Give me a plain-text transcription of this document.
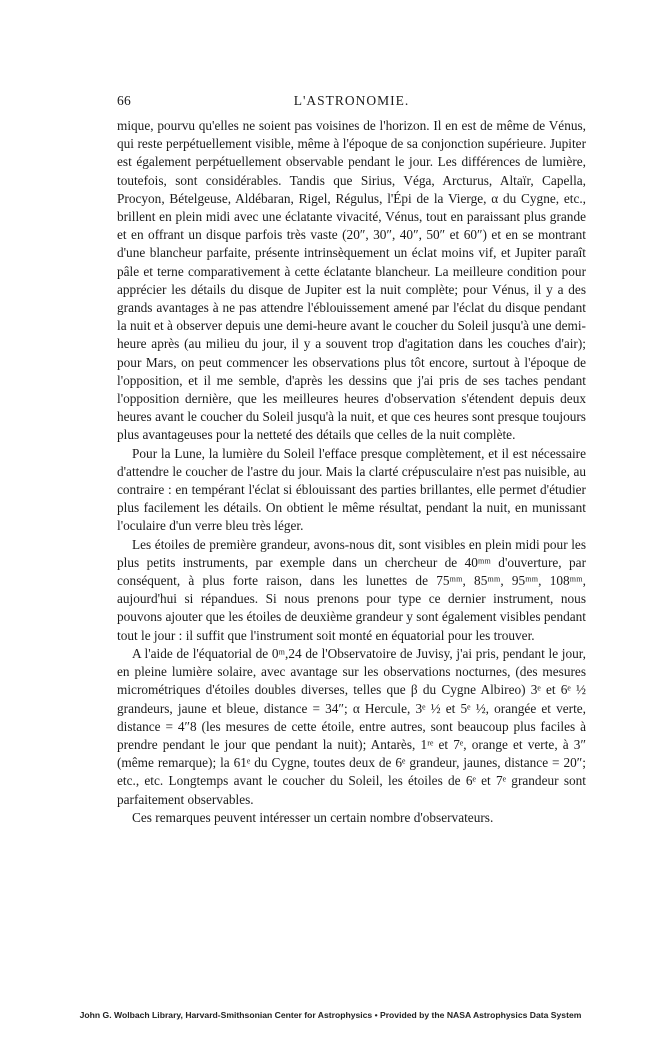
66	L'ASTRONOMIE.

mique, pourvu qu'elles ne soient pas voisines de l'horizon. Il en est de même de Vénus, qui reste perpétuellement visible, même à l'époque de sa conjonction supérieure. Jupiter est également perpétuellement observable pendant le jour. Les différences de lumière, toutefois, sont considérables. Tandis que Sirius, Véga, Arcturus, Altaïr, Capella, Procyon, Bételgeuse, Aldébaran, Rigel, Régulus, l'Épi de la Vierge, α du Cygne, etc., brillent en plein midi avec une éclatante vivacité, Vénus, tout en paraissant plus grande et en offrant un disque parfois très vaste (20″, 30″, 40″, 50″ et 60″) et en se montrant d'une blancheur parfaite, présente intrinsèquement un éclat moins vif, et Jupiter paraît pâle et terne comparativement à cette éclatante blancheur. La meilleure condition pour apprécier les détails du disque de Jupiter est la nuit complète; pour Vénus, il y a des grands avantages à ne pas attendre l'éblouissement amené par l'éclat du disque pendant la nuit et à observer depuis une demi-heure avant le coucher du Soleil jusqu'à une demi-heure après (au milieu du jour, il y a souvent trop d'agitation dans les couches d'air); pour Mars, on peut commencer les observations plus tôt encore, surtout à l'époque de l'opposition, et il me semble, d'après les dessins que j'ai pris de ses taches pendant l'opposition dernière, que les meilleures heures d'observation s'étendent depuis deux heures avant le coucher du Soleil jusqu'à la nuit, et que ces heures sont presque toujours plus avantageuses pour la netteté des détails que celles de la nuit complète.

Pour la Lune, la lumière du Soleil l'efface presque complètement, et il est nécessaire d'attendre le coucher de l'astre du jour. Mais la clarté crépusculaire n'est pas nuisible, au contraire : en tempérant l'éclat si éblouissant des parties brillantes, elle permet d'étudier plus facilement les détails. On obtient le même résultat, pendant la nuit, en munissant l'oculaire d'un verre bleu très léger.

Les étoiles de première grandeur, avons-nous dit, sont visibles en plein midi pour les plus petits instruments, par exemple dans un chercheur de 40ᵐᵐ d'ouverture, par conséquent, à plus forte raison, dans les lunettes de 75ᵐᵐ, 85ᵐᵐ, 95ᵐᵐ, 108ᵐᵐ, aujourd'hui si répandues. Si nous prenons pour type ce dernier instrument, nous pouvons ajouter que les étoiles de deuxième grandeur y sont également visibles pendant tout le jour : il suffit que l'instrument soit monté en équatorial pour les trouver.

A l'aide de l'équatorial de 0ᵐ,24 de l'Observatoire de Juvisy, j'ai pris, pendant le jour, en pleine lumière solaire, avec avantage sur les observations nocturnes, (des mesures micrométriques d'étoiles doubles diverses, telles que β du Cygne Albireo) 3ᵉ et 6ᵉ ½ grandeurs, jaune et bleue, distance = 34″; α Hercule, 3ᵉ ½ et 5ᵉ ½, orangée et verte, distance = 4″8 (les mesures de cette étoile, entre autres, sont beaucoup plus faciles à prendre pendant le jour que pendant la nuit); Antarès, 1ʳᵉ et 7ᵉ, orange et verte, à 3″ (même remarque); la 61ᵉ du Cygne, toutes deux de 6ᵉ grandeur, jaunes, distance = 20″; etc., etc. Longtemps avant le coucher du Soleil, les étoiles de 6ᵉ et 7ᵉ grandeur sont parfaitement observables.

Ces remarques peuvent intéresser un certain nombre d'observateurs.

John G. Wolbach Library, Harvard-Smithsonian Center for Astrophysics • Provided by the NASA Astrophysics Data System
